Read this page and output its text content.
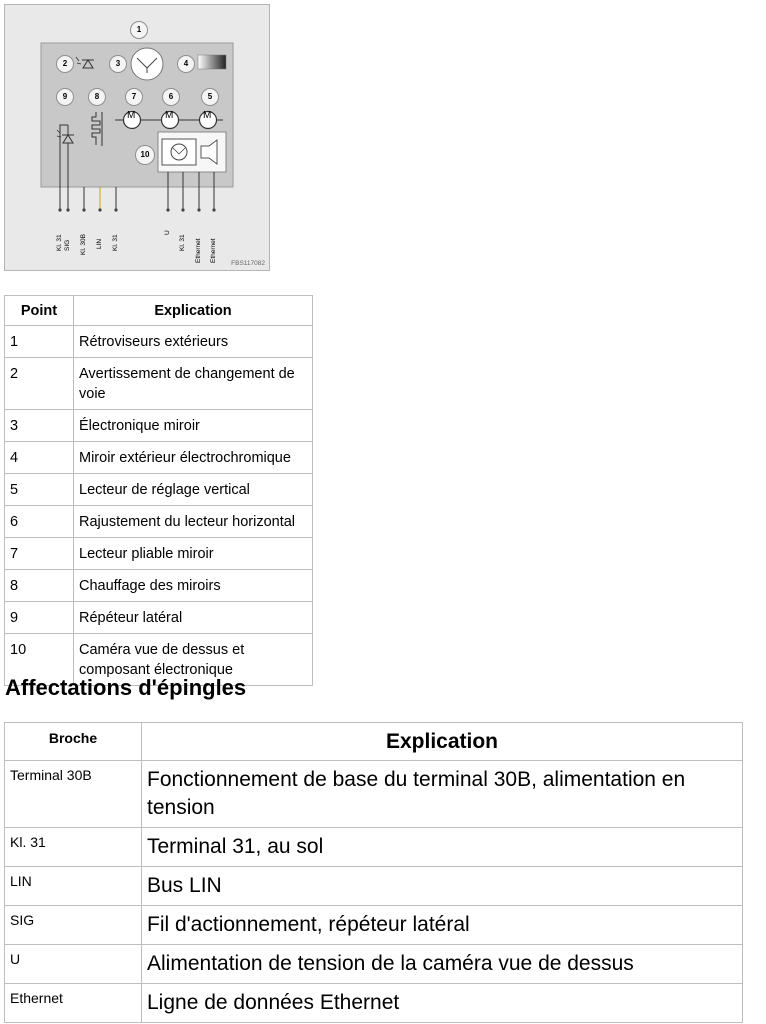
1
2	3	4
9	8	7	6	5
10
M	M	M
Kl. 31 SIG Kl. 30B LIN Kl. 31
U
Kl. 31 Ethernet Ethernet
FBS117082
Point	Explication
1	Rétroviseurs extérieurs
2	Avertissement de changement de voie
3	Électronique miroir
4	Miroir extérieur électrochromique
5	Lecteur de réglage vertical
6	Rajustement du lecteur horizontal
7	Lecteur pliable miroir
8	Chauffage des miroirs
9	Répéteur latéral
10	Caméra vue de dessus et composant électronique
Affectations d'épingles
Broche	Explication
Terminal 30B	Fonctionnement de base du terminal 30B, alimentation en tension
Kl. 31	Terminal 31, au sol
LIN	Bus LIN
SIG	Fil d'actionnement, répéteur latéral
U	Alimentation de tension de la caméra vue de dessus
Ethernet	Ligne de données Ethernet
